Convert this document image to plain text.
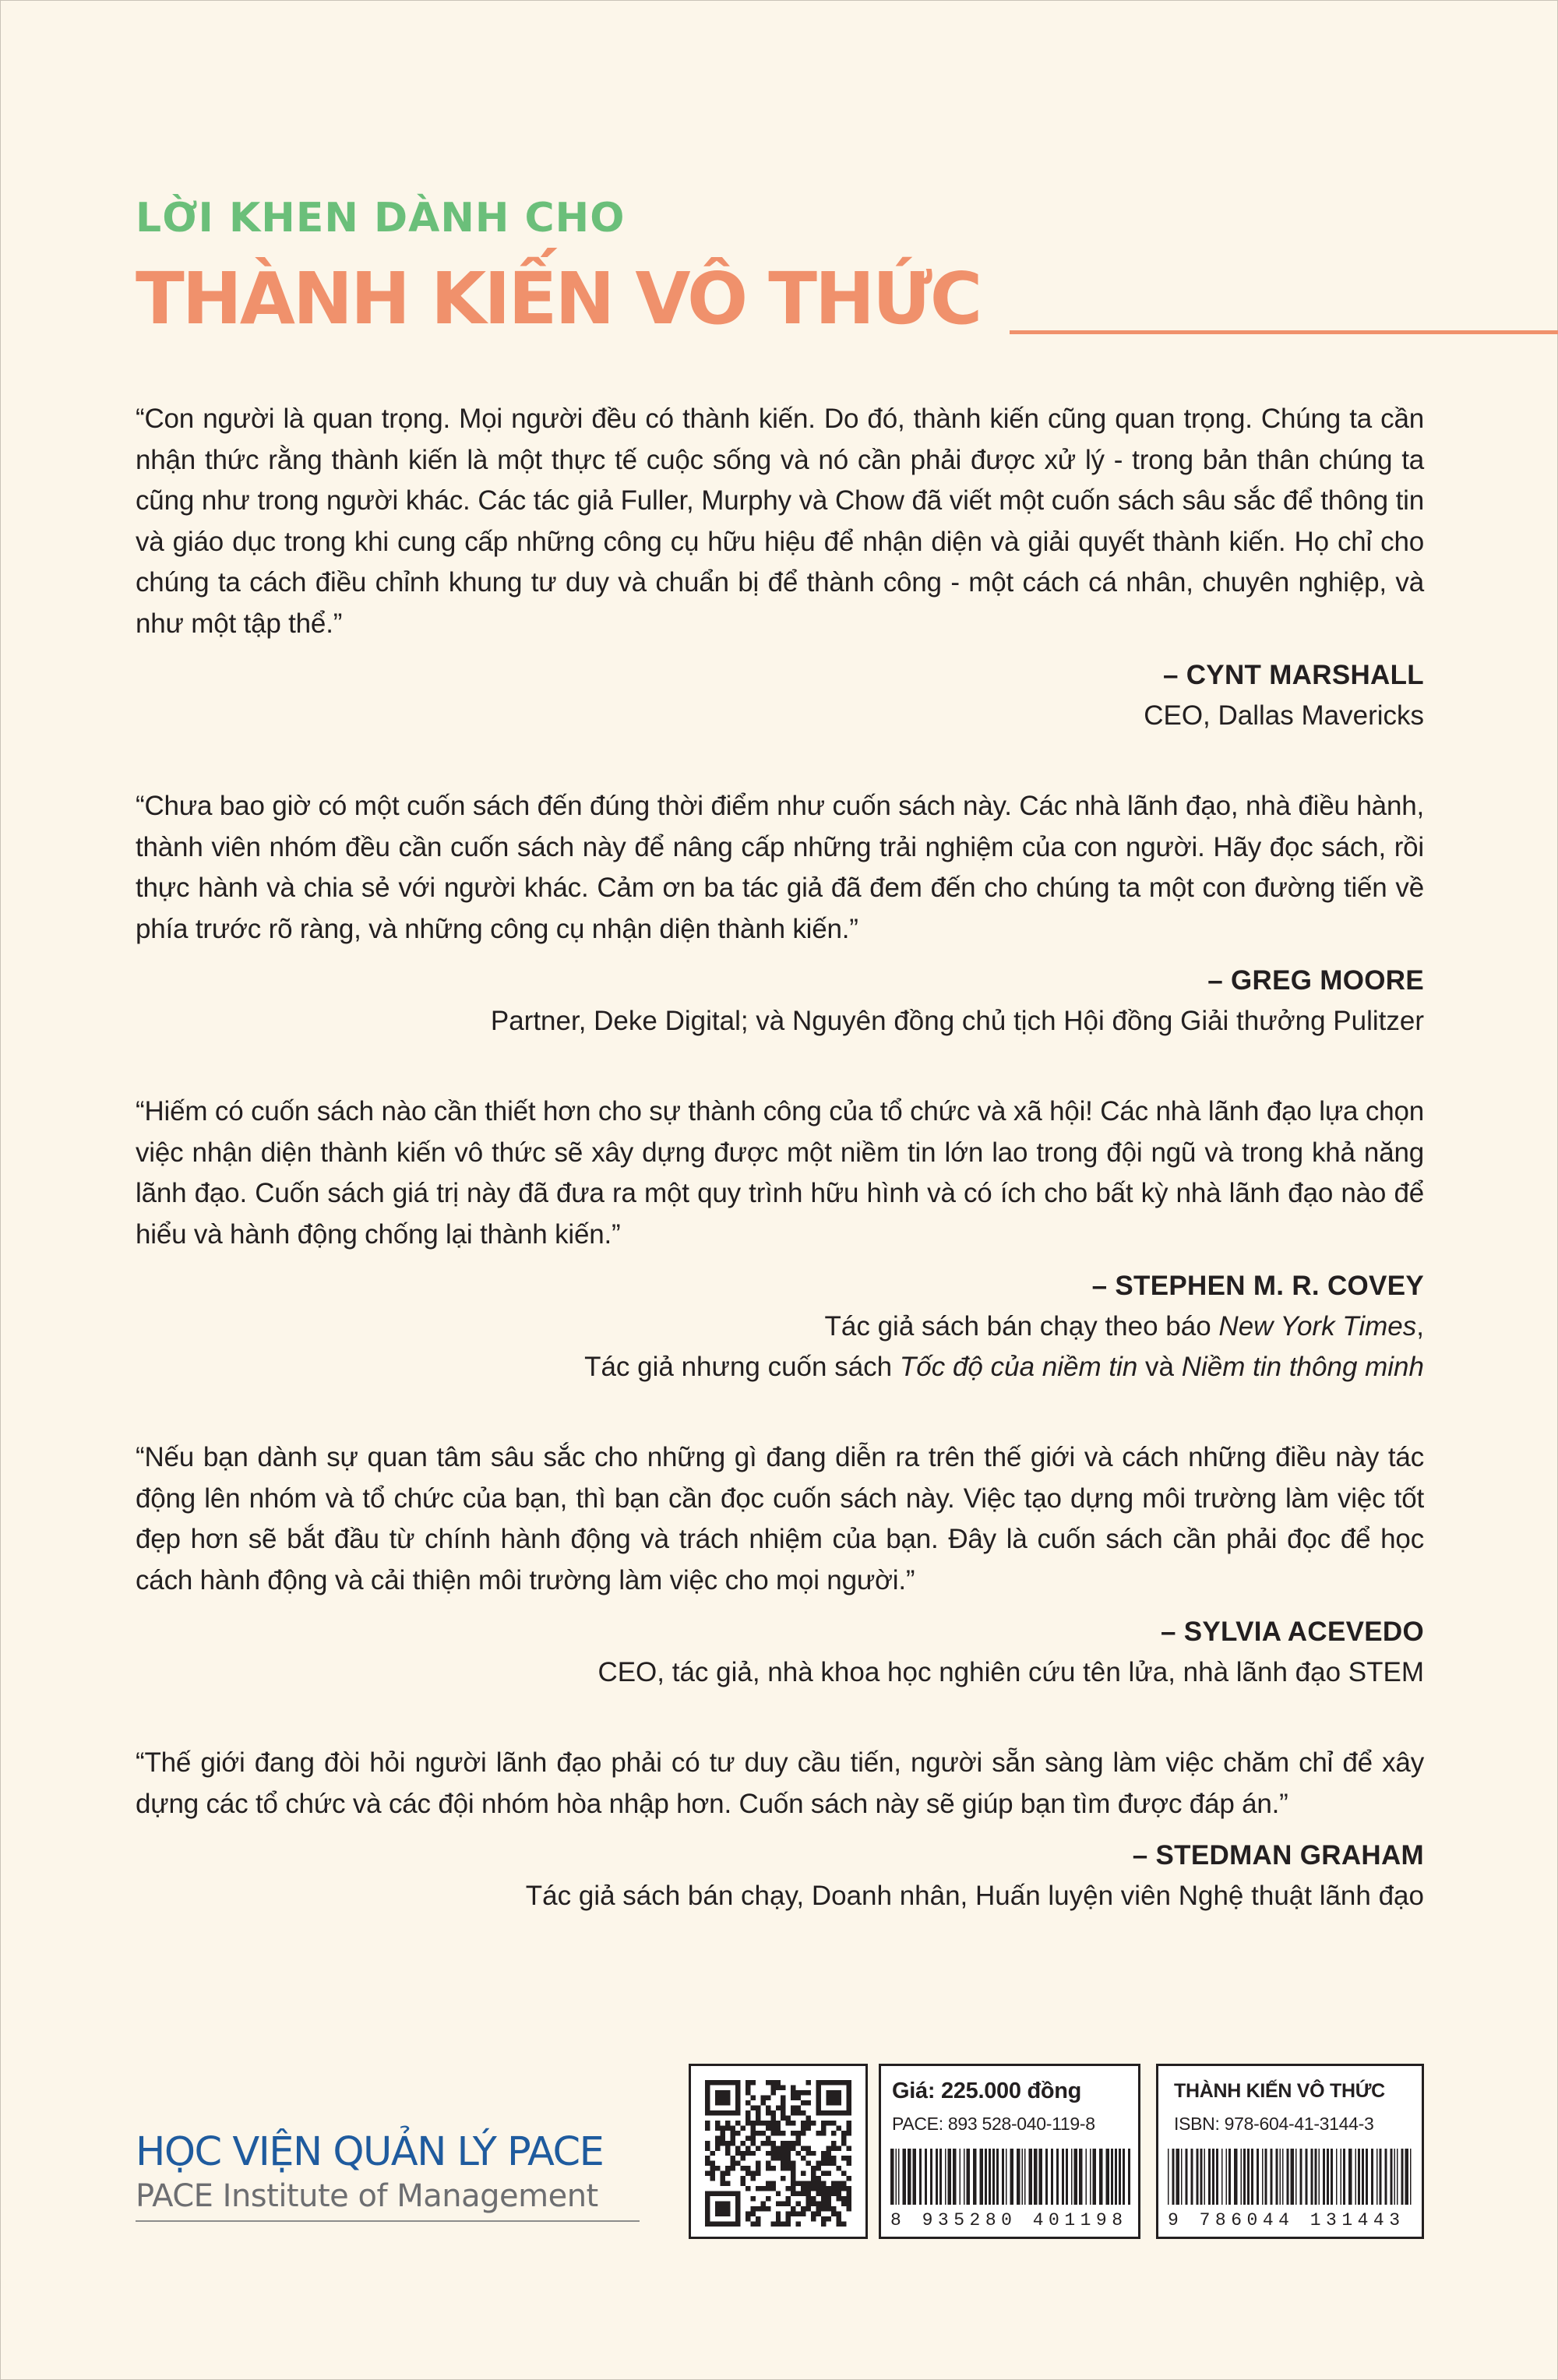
LỜI KHEN DÀNH CHO

THÀNH KIẾN VÔ THỨC

“Con người là quan trọng. Mọi người đều có thành kiến. Do đó, thành kiến cũng quan trọng. Chúng ta cần nhận thức rằng thành kiến là một thực tế cuộc sống và nó cần phải được xử lý - trong bản thân chúng ta cũng như trong người khác. Các tác giả Fuller, Murphy và Chow đã viết một cuốn sách sâu sắc để thông tin và giáo dục trong khi cung cấp những công cụ hữu hiệu để nhận diện và giải quyết thành kiến. Họ chỉ cho chúng ta cách điều chỉnh khung tư duy và chuẩn bị để thành công - một cách cá nhân, chuyên nghiệp, và như một tập thể.”

– CYNT MARSHALL

CEO, Dallas Mavericks

“Chưa bao giờ có một cuốn sách đến đúng thời điểm như cuốn sách này. Các nhà lãnh đạo, nhà điều hành, thành viên nhóm đều cần cuốn sách này để nâng cấp những trải nghiệm của con người. Hãy đọc sách, rồi thực hành và chia sẻ với người khác. Cảm ơn ba tác giả đã đem đến cho chúng ta một con đường tiến về phía trước rõ ràng, và những công cụ nhận diện thành kiến.”

– GREG MOORE

Partner, Deke Digital; và Nguyên đồng chủ tịch Hội đồng Giải thưởng Pulitzer

“Hiếm có cuốn sách nào cần thiết hơn cho sự thành công của tổ chức và xã hội! Các nhà lãnh đạo lựa chọn việc nhận diện thành kiến vô thức sẽ xây dựng được một niềm tin lớn lao trong đội ngũ và trong khả năng lãnh đạo. Cuốn sách giá trị này đã đưa ra một quy trình hữu hình và có ích cho bất kỳ nhà lãnh đạo nào để hiểu và hành động chống lại thành kiến.”

– STEPHEN M. R. COVEY

Tác giả sách bán chạy theo báo New York Times,

Tác giả nhưng cuốn sách Tốc độ của niềm tin và Niềm tin thông minh

“Nếu bạn dành sự quan tâm sâu sắc cho những gì đang diễn ra trên thế giới và cách những điều này tác động lên nhóm và tổ chức của bạn, thì bạn cần đọc cuốn sách này. Việc tạo dựng môi trường làm việc tốt đẹp hơn sẽ bắt đầu từ chính hành động và trách nhiệm của bạn. Đây là cuốn sách cần phải đọc để học cách hành động và cải thiện môi trường làm việc cho mọi người.”

– SYLVIA ACEVEDO

CEO, tác giả, nhà khoa học nghiên cứu tên lửa, nhà lãnh đạo STEM

“Thế giới đang đòi hỏi người lãnh đạo phải có tư duy cầu tiến, người sẵn sàng làm việc chăm chỉ để xây dựng các tổ chức và các đội nhóm hòa nhập hơn. Cuốn sách này sẽ giúp bạn tìm được đáp án.”

– STEDMAN GRAHAM

Tác giả sách bán chạy, Doanh nhân, Huấn luyện viên Nghệ thuật lãnh đạo

HỌC VIỆN QUẢN LÝ PACE

PACE Institute of Management

Giá: 225.000 đồng
PACE: 893 528-040-119-8
8 935280 401198
THÀNH KIẾN VÔ THỨC
ISBN: 978-604-41-3144-3
9 786044 131443
